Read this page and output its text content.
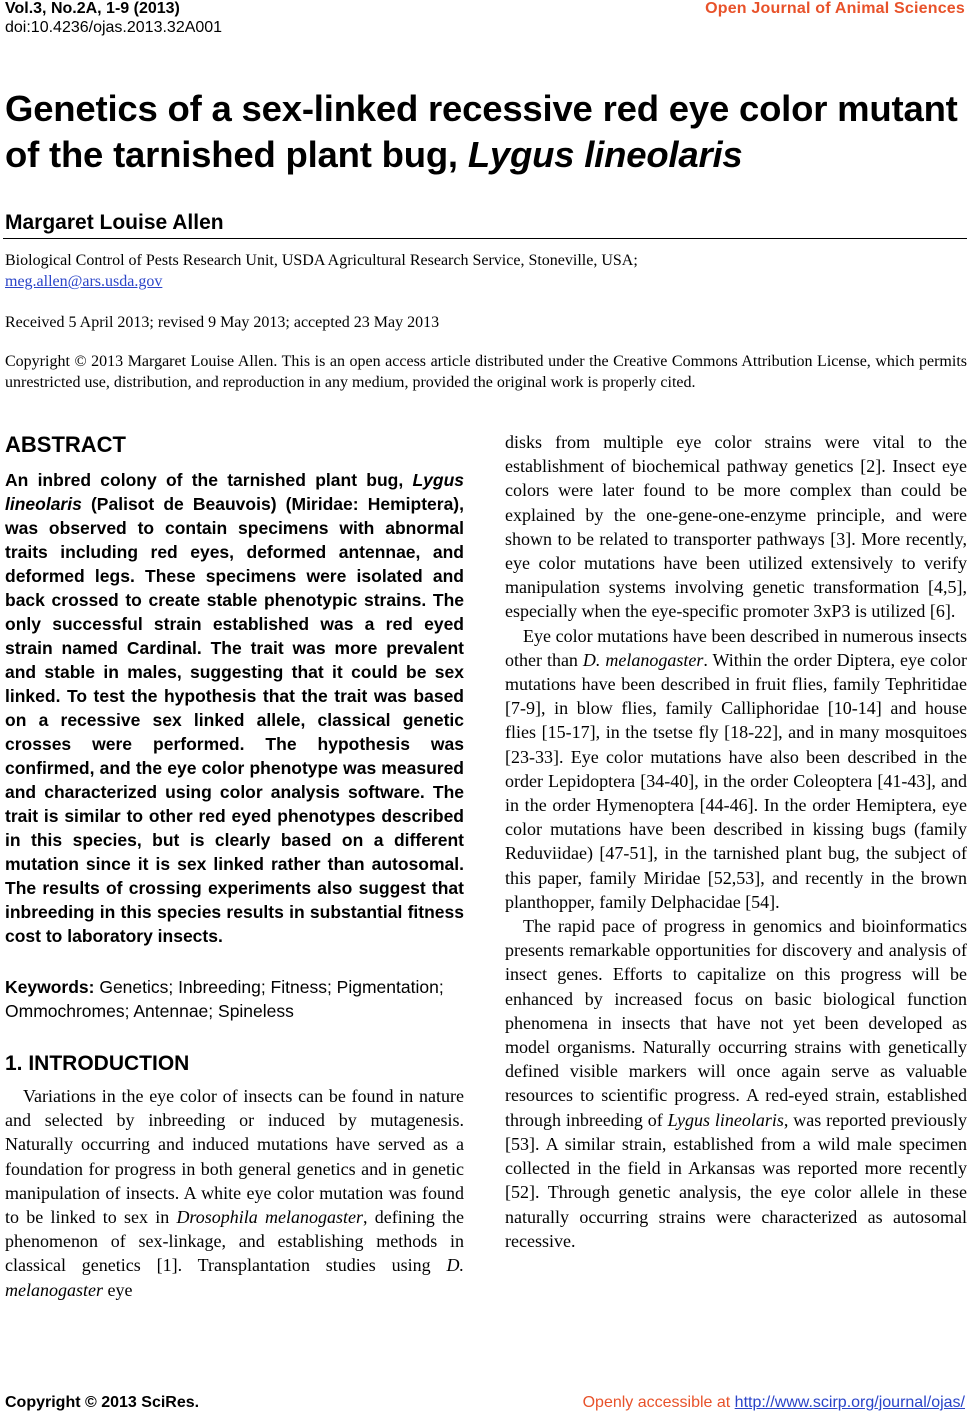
Vol.3, No.2A, 1-9 (2013)
doi:10.4236/ojas.2013.32A001
Open Journal of Animal Sciences
Genetics of a sex-linked recessive red eye color mutant of the tarnished plant bug, Lygus lineolaris
Margaret Louise Allen
Biological Control of Pests Research Unit, USDA Agricultural Research Service, Stoneville, USA;
meg.allen@ars.usda.gov
Received 5 April 2013; revised 9 May 2013; accepted 23 May 2013
Copyright © 2013 Margaret Louise Allen. This is an open access article distributed under the Creative Commons Attribution License, which permits unrestricted use, distribution, and reproduction in any medium, provided the original work is properly cited.
ABSTRACT

An inbred colony of the tarnished plant bug, Lygus lineolaris (Palisot de Beauvois) (Miridae: Hemiptera), was observed to contain specimens with abnormal traits including red eyes, deformed antennae, and deformed legs. These specimens were isolated and back crossed to create stable phenotypic strains. The only successful strain established was a red eyed strain named Cardinal. The trait was more prevalent and stable in males, suggesting that it could be sex linked. To test the hypothesis that the trait was based on a recessive sex linked allele, classical genetic crosses were performed. The hypothesis was confirmed, and the eye color phenotype was measured and characterized using color analysis software. The trait is similar to other red eyed phenotypes described in this species, but is clearly based on a different mutation since it is sex linked rather than autosomal. The results of crossing experiments also suggest that inbreeding in this species results in substantial fitness cost to laboratory insects.

Keywords: Genetics; Inbreeding; Fitness; Pigmentation; Ommochromes; Antennae; Spineless

1. INTRODUCTION

Variations in the eye color of insects can be found in nature and selected by inbreeding or induced by mutagenesis. Naturally occurring and induced mutations have served as a foundation for progress in both general genetics and in genetic manipulation of insects. A white eye color mutation was found to be linked to sex in Drosophila melanogaster, defining the phenomenon of sex-linkage, and establishing methods in classical genetics [1]. Transplantation studies using D. melanogaster eye

disks from multiple eye color strains were vital to the establishment of biochemical pathway genetics [2]. Insect eye colors were later found to be more complex than could be explained by the one-gene-one-enzyme principle, and were shown to be related to transporter pathways [3]. More recently, eye color mutations have been utilized extensively to verify manipulation systems involving genetic transformation [4,5], especially when the eye-specific promoter 3xP3 is utilized [6].

Eye color mutations have been described in numerous insects other than D. melanogaster. Within the order Diptera, eye color mutations have been described in fruit flies, family Tephritidae [7-9], in blow flies, family Calliphoridae [10-14] and house flies [15-17], in the tsetse fly [18-22], and in many mosquitoes [23-33]. Eye color mutations have also been described in the order Lepidoptera [34-40], in the order Coleoptera [41-43], and in the order Hymenoptera [44-46]. In the order Hemiptera, eye color mutations have been described in kissing bugs (family Reduviidae) [47-51], in the tarnished plant bug, the subject of this paper, family Miridae [52,53], and recently in the brown planthopper, family Delphacidae [54].

The rapid pace of progress in genomics and bioinformatics presents remarkable opportunities for discovery and analysis of insect genes. Efforts to capitalize on this progress will be enhanced by increased focus on basic biological function phenomena in insects that have not yet been developed as model organisms. Naturally occurring strains with genetically defined visible markers will once again serve as valuable resources to scientific progress. A red-eyed strain, established through inbreeding of Lygus lineolaris, was reported previously [53]. A similar strain, established from a wild male specimen collected in the field in Arkansas was reported more recently [52]. Through genetic analysis, the eye color allele in these naturally occurring strains were characterized as autosomal recessive.

Copyright © 2013 SciRes.	Openly accessible at http://www.scirp.org/journal/ojas/
